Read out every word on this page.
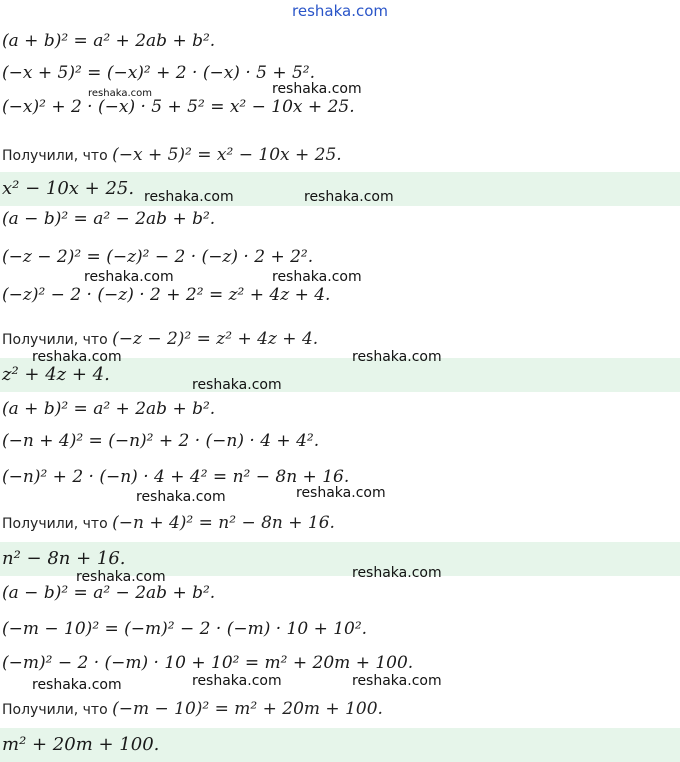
reshaka.com
(a + b)² = a² + 2ab + b².
(−x + 5)² = (−x)² + 2 · (−x) · 5 + 5².
(−x)² + 2 · (−x) · 5 + 5² = x² − 10x + 25.
Получили, что (−x + 5)² = x² − 10x + 25.
x² − 10x + 25.
(a − b)² = a² − 2ab + b².
(−z − 2)² = (−z)² − 2 · (−z) · 2 + 2².
(−z)² − 2 · (−z) · 2 + 2² = z² + 4z + 4.
Получили, что (−z − 2)² = z² + 4z + 4.
z² + 4z + 4.
(a + b)² = a² + 2ab + b².
(−n + 4)² = (−n)² + 2 · (−n) · 4 + 4².
(−n)² + 2 · (−n) · 4 + 4² = n² − 8n + 16.
Получили, что (−n + 4)² = n² − 8n + 16.
n² − 8n + 16.
(a − b)² = a² − 2ab + b².
(−m − 10)² = (−m)² − 2 · (−m) · 10 + 10².
(−m)² − 2 · (−m) · 10 + 10² = m² + 20m + 100.
Получили, что (−m − 10)² = m² + 20m + 100.
m² + 20m + 100.
reshaka.com	reshaka.com
reshaka.com	reshaka.com
reshaka.com	reshaka.com
reshaka.com	reshaka.com
reshaka.com
reshaka.com	reshaka.com
reshaka.com	reshaka.com
reshaka.com	reshaka.com	reshaka.com
